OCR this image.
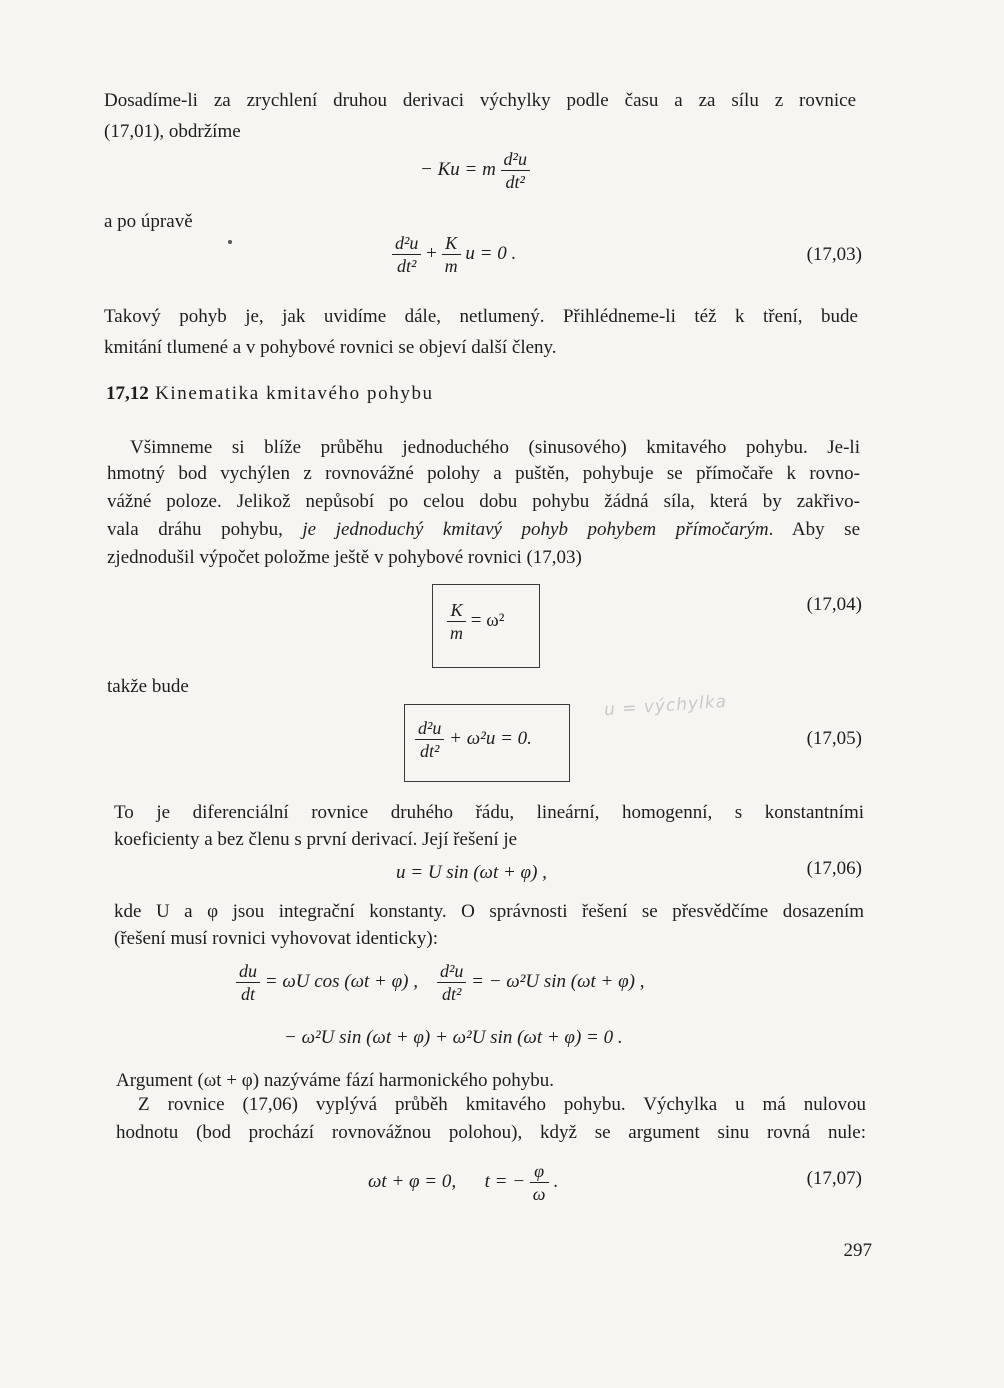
Dosadíme-li za zrychlení druhou derivaci výchylky podle času a za sílu z rovnice

(17,01), obdržíme

− Ku = m $\frac{\text{d²u}}{\text{dt²}}$

a po úpravě

$\frac{\text{d²u}}{\text{dt²}} + \frac{K}{m}$ u = 0 .	(17,03)

Takový pohyb je, jak uvidíme dále, netlumený. Přihlédneme-li též k tření, bude

kmitání tlumené a v pohybové rovnici se objeví další členy.

17,12 Kinematika kmitavého pohybu

Všimneme si blíže průběhu jednoduchého (sinusového) kmitavého pohybu. Je-li

hmotný bod vychýlen z rovnovážné polohy a puštěn, pohybuje se přímočaře k rovno-

vážné poloze. Jelikož nepůsobí po celou dobu pohybu žádná síla, která by zakřivo-

vala dráhu pohybu, je jednoduchý kmitavý pohyb pohybem přímočarým. Aby se

zjednodušil výpočet položme ještě v pohybové rovnici (17,03)

$\frac{K}{m} = \omega^2$
(17,04)

takže bude

$\frac{\text{d²u}}{\text{dt²}} + \omega^2u = 0$.
u = výchylka
(17,05)

To je diferenciální rovnice druhého řádu, lineární, homogenní, s konstantními

koeficienty a bez členu s první derivací. Její řešení je

u = U sin (ωt + φ) ,	(17,06)

kde U a φ jsou integrační konstanty. O správnosti řešení se přesvědčíme dosazením

(řešení musí rovnici vyhovovat identicky):

$\frac{du}{dt} = \omega U$ cos (ωt + φ) , $\frac{\text{d²u}}{\text{dt²}}$ = − ω²U sin (ωt + φ) ,
− ω²U sin (ωt + φ) + ω²U sin (ωt + φ) = 0 .

Argument (ωt + φ) nazýváme fází harmonického pohybu.

Z rovnice (17,06) vyplývá průběh kmitavého pohybu. Výchylka u má nulovou

hodnotu (bod prochází rovnovážnou polohou), když se argument sinu rovná nule:

ωt + φ = 0, t = − $\frac{\varphi}{\omega}$ .	(17,07)
297
